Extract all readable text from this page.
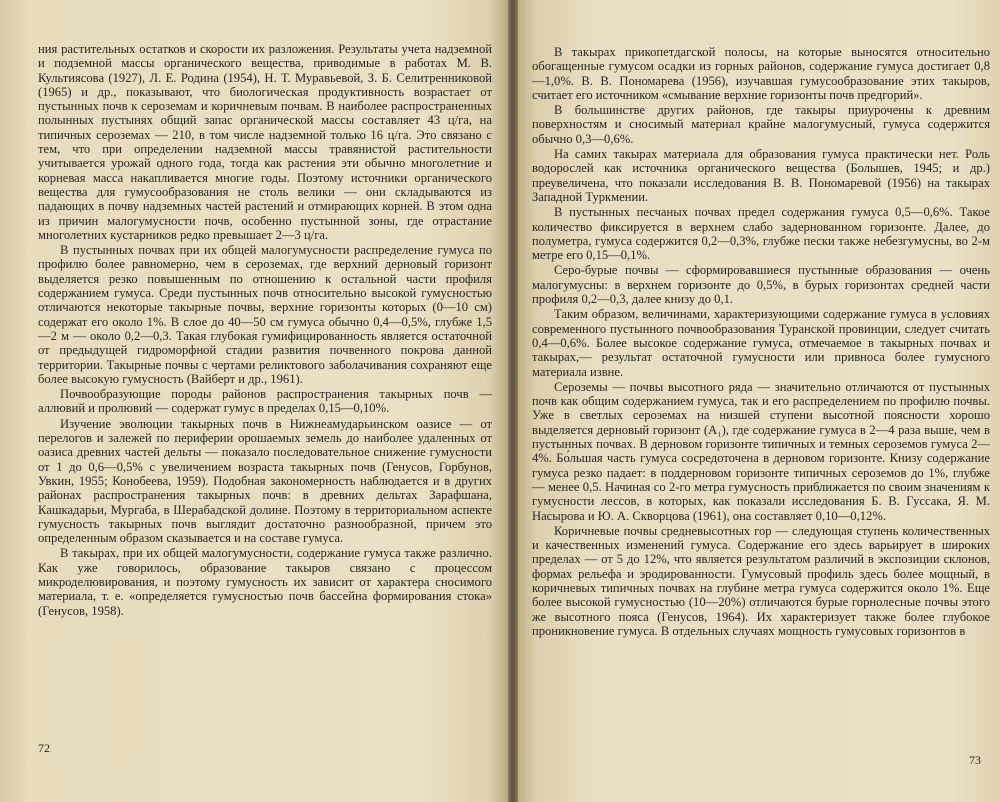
ния растительных остатков и скорости их разложения. Результаты учета надземной и подземной массы органического вещества, приводимые в работах М. В. Культиясова (1927), Л. Е. Родина (1954), Н. Т. Муравьевой, З. Б. Селитренниковой (1965) и др., показывают, что биологическая продуктивность возрастает от пустынных почв к сероземам и коричневым почвам. В наиболее распространенных полынных пустынях общий запас органической массы составляет 43 ц/га, на типичных сероземах — 210, в том числе надземной только 16 ц/га. Это связано с тем, что при определении надземной массы травянистой растительности учитывается урожай одного года, тогда как растения эти обычно многолетние и корневая масса накапливается многие годы. Поэтому источники органического вещества для гумусообразования не столь велики — они складываются из падающих в почву надземных частей растений и отмирающих корней. В этом одна из причин малогумусности почв, особенно пустынной зоны, где отрастание многолетних кустарников редко превышает 2—3 ц/га.

В пустынных почвах при их общей малогумусности распределение гумуса по профилю более равномерно, чем в сероземах, где верхний дерновый горизонт выделяется резко повышенным по отношению к остальной части профиля содержанием гумуса. Среди пустынных почв относительно высокой гумусностью отличаются некоторые такырные почвы, верхние горизонты которых (0—10 см) содержат его около 1%. В слое до 40—50 см гумуса обычно 0,4—0,5%, глубже 1,5—2 м — около 0,2—0,3. Такая глубокая гумифицированность является остаточной от предыдущей гидроморфной стадии развития почвенного покрова данной территории. Такырные почвы с чертами реликтового заболачивания сохраняют еще более высокую гумусность (Вайберт и др., 1961).

Почвообразующие породы районов распространения такырных почв — аллювий и пролювий — содержат гумус в пределах 0,15—0,10%.

Изучение эволюции такырных почв в Нижнеамударьинском оазисе — от перелогов и залежей по периферии орошаемых земель до наиболее удаленных от оазиса древних частей дельты — показало последовательное снижение гумусности от 1 до 0,6—0,5% с увеличением возраста такырных почв (Генусов, Горбунов, Увкин, 1955; Конобеева, 1959). Подобная закономерность наблюдается и в других районах распространения такырных почв: в древних дельтах Зарафшана, Кашкадарьи, Мургаба, в Шерабадской долине. Поэтому в территориальном аспекте гумусность такырных почв выглядит достаточно разнообразной, причем это определенным образом сказывается и на составе гумуса.

В такырах, при их общей малогумусности, содержание гумуса также различно. Как уже говорилось, образование такыров связано с процессом микроделювирования, и поэтому гумусность их зависит от характера сносимого материала, т. е. «определяется гумусностью почв бассейна формирования стока» (Генусов, 1958).

72

В такырах прикопетдагской полосы, на которые выносятся относительно обогащенные гумусом осадки из горных районов, содержание гумуса достигает 0,8—1,0%. В. В. Пономарева (1956), изучавшая гумусообразование этих такыров, считает его источником «смывание верхние горизонты почв предгорий».

В большинстве других районов, где такыры приурочены к древним поверхностям и сносимый материал крайне малогумусный, гумуса содержится обычно 0,3—0,6%.

На самих такырах материала для образования гумуса практически нет. Роль водорослей как источника органического вещества (Болышев, 1945; и др.) преувеличена, что показали исследования В. В. Пономаревой (1956) на такырах Западной Туркмении.

В пустынных песчаных почвах предел содержания гумуса 0,5—0,6%. Такое количество фиксируется в верхнем слабо задернованном горизонте. Далее, до полуметра, гумуса содержится 0,2—0,3%, глубже пески также небезгумусны, во 2-м метре его 0,15—0,1%.

Серо-бурые почвы — сформировавшиеся пустынные образования — очень малогумусны: в верхнем горизонте до 0,5%, в бурых горизонтах средней части профиля 0,2—0,3, далее книзу до 0,1.

Таким образом, величинами, характеризующими содержание гумуса в условиях современного пустынного почвообразования Туранской провинции, следует считать 0,4—0,6%. Более высокое содержание гумуса, отмечаемое в такырных почвах и такырах,— результат остаточной гумусности или привноса более гумусного материала извне.

Сероземы — почвы высотного ряда — значительно отличаются от пустынных почв как общим содержанием гумуса, так и его распределением по профилю почвы. Уже в светлых сероземах на низшей ступени высотной поясности хорошо выделяется дерновый горизонт (A₁), где содержание гумуса в 2—4 раза выше, чем в пустынных почвах. В дерновом горизонте типичных и темных сероземов гумуса 2—4%. Бо́льшая часть гумуса сосредоточена в дерновом горизонте. Книзу содержание гумуса резко падает: в поддерновом горизонте типичных сероземов до 1%, глубже — менее 0,5. Начиная со 2-го метра гумусность приближается по своим значениям к гумусности лессов, в которых, как показали исследования Б. В. Гуссака, Я. М. Насырова и Ю. А. Скворцова (1961), она составляет 0,10—0,12%.

Коричневые почвы средневысотных гор — следующая ступень количественных и качественных изменений гумуса. Содержание его здесь варьирует в широких пределах — от 5 до 12%, что является результатом различий в экспозиции склонов, формах рельефа и эродированности. Гумусовый профиль здесь более мощный, в коричневых типичных почвах на глубине метра гумуса содержится около 1%. Еще более высокой гумусностью (10—20%) отличаются бурые горнолесные почвы этого же высотного пояса (Генусов, 1964). Их характеризует также более глубокое проникновение гумуса. В отдельных случаях мощность гумусовых горизонтов в

73
